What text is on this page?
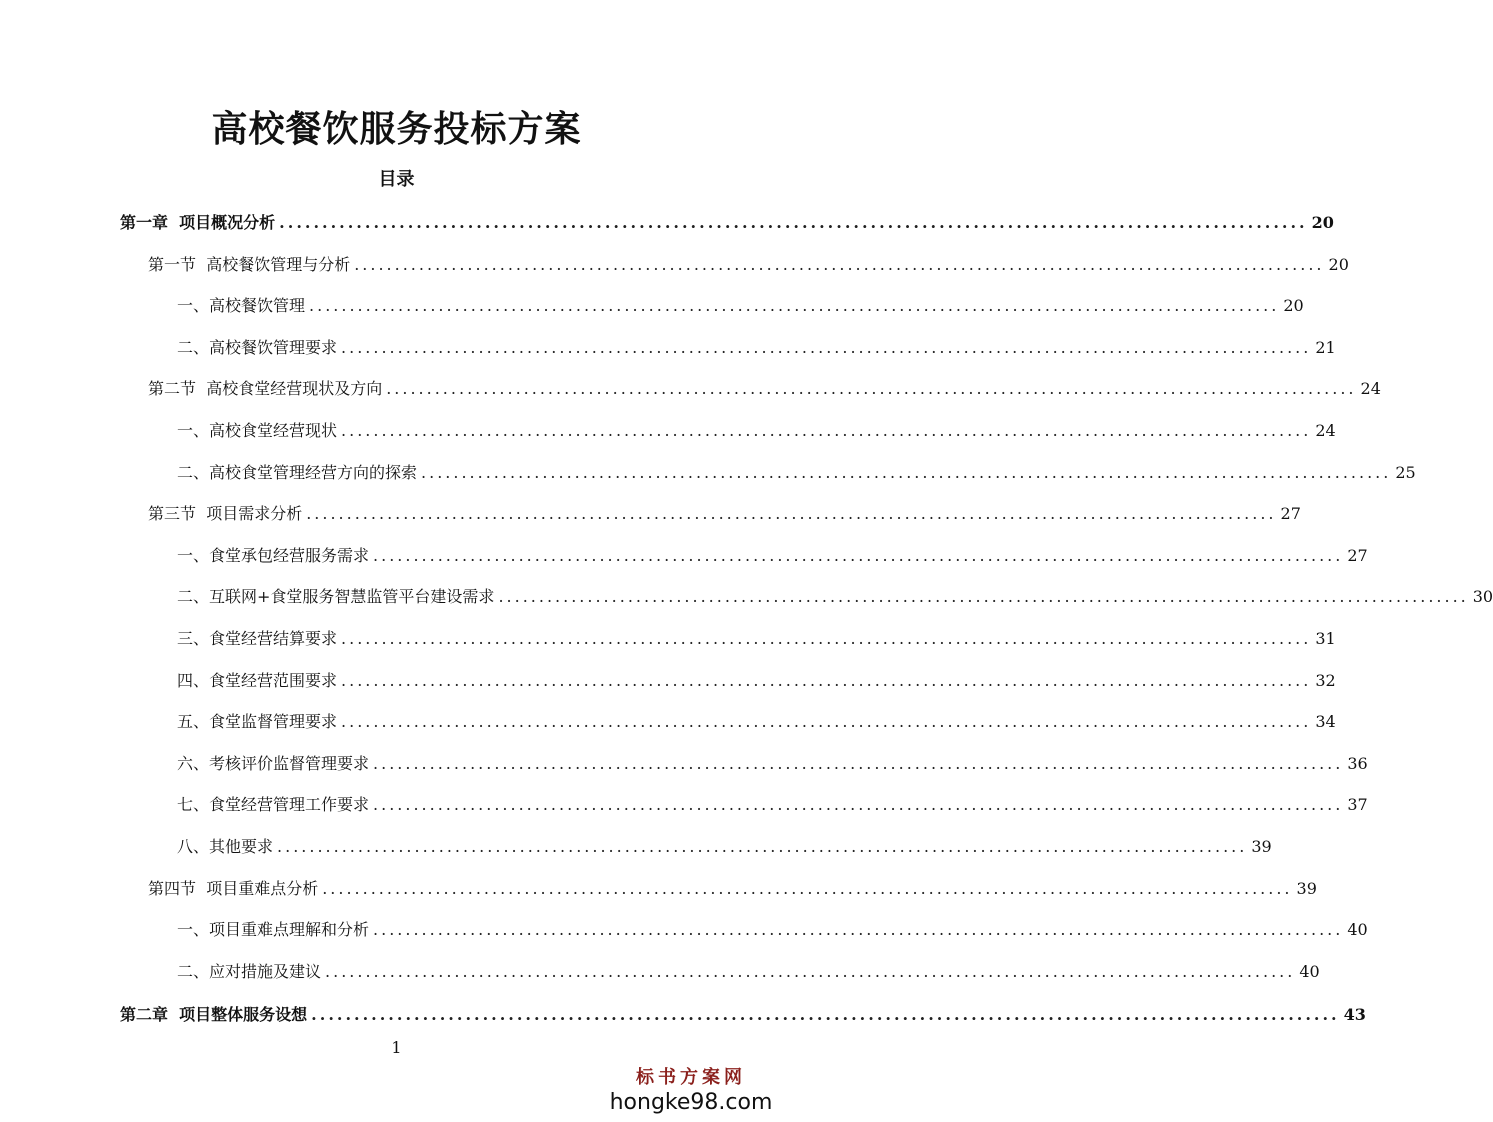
高校餐饮服务投标方案
目录
第一章 项目概况分析 ........................................................................................................................ 20
第一节 高校餐饮管理与分析 ........................................................................................................................ 20
一、 高校餐饮管理 ........................................................................................................................ 20
二、 高校餐饮管理要求 ........................................................................................................................ 21
第二节 高校食堂经营现状及方向 ........................................................................................................................ 24
一、 高校食堂经营现状 ........................................................................................................................ 24
二、 高校食堂管理经营方向的探索 ........................................................................................................................ 25
第三节 项目需求分析 ........................................................................................................................ 27
一、 食堂承包经营服务需求 ........................................................................................................................ 27
二、 互联网+食堂服务智慧监管平台建设需求 ........................................................................................................................ 30
三、 食堂经营结算要求 ........................................................................................................................ 31
四、 食堂经营范围要求 ........................................................................................................................ 32
五、 食堂监督管理要求 ........................................................................................................................ 34
六、 考核评价监督管理要求 ........................................................................................................................ 36
七、 食堂经营管理工作要求 ........................................................................................................................ 37
八、 其他要求 ........................................................................................................................ 39
第四节 项目重难点分析 ........................................................................................................................ 39
一、 项目重难点理解和分析 ........................................................................................................................ 40
二、 应对措施及建议 ........................................................................................................................ 40
第二章 项目整体服务设想 ........................................................................................................................ 43
1
标书方案网
hongke98.com
